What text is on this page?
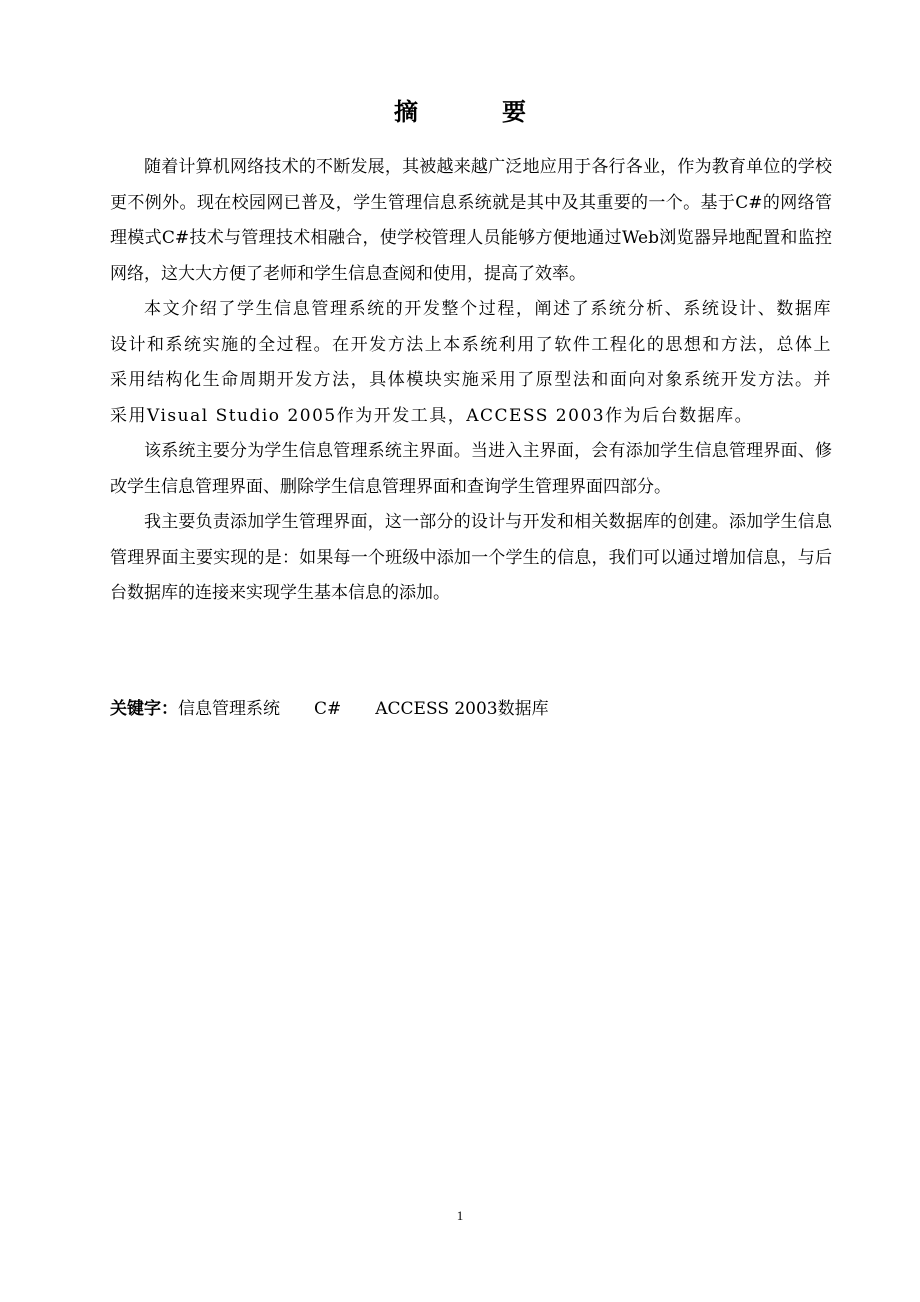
摘　要

随着计算机网络技术的不断发展，其被越来越广泛地应用于各行各业，作为教育单位的学校更不例外。现在校园网已普及，学生管理信息系统就是其中及其重要的一个。基于C#的网络管理模式C#技术与管理技术相融合，使学校管理人员能够方便地通过Web浏览器异地配置和监控网络，这大大方便了老师和学生信息查阅和使用，提高了效率。

本文介绍了学生信息管理系统的开发整个过程，阐述了系统分析、系统设计、数据库设计和系统实施的全过程。在开发方法上本系统利用了软件工程化的思想和方法，总体上采用结构化生命周期开发方法，具体模块实施采用了原型法和面向对象系统开发方法。并采用Visual Studio 2005作为开发工具，ACCESS 2003作为后台数据库。

该系统主要分为学生信息管理系统主界面。当进入主界面，会有添加学生信息管理界面、修改学生信息管理界面、删除学生信息管理界面和查询学生管理界面四部分。

我主要负责添加学生管理界面，这一部分的设计与开发和相关数据库的创建。添加学生信息管理界面主要实现的是：如果每一个班级中添加一个学生的信息，我们可以通过增加信息，与后台数据库的连接来实现学生基本信息的添加。

关键字：信息管理系统 C# ACCESS 2003数据库
1
